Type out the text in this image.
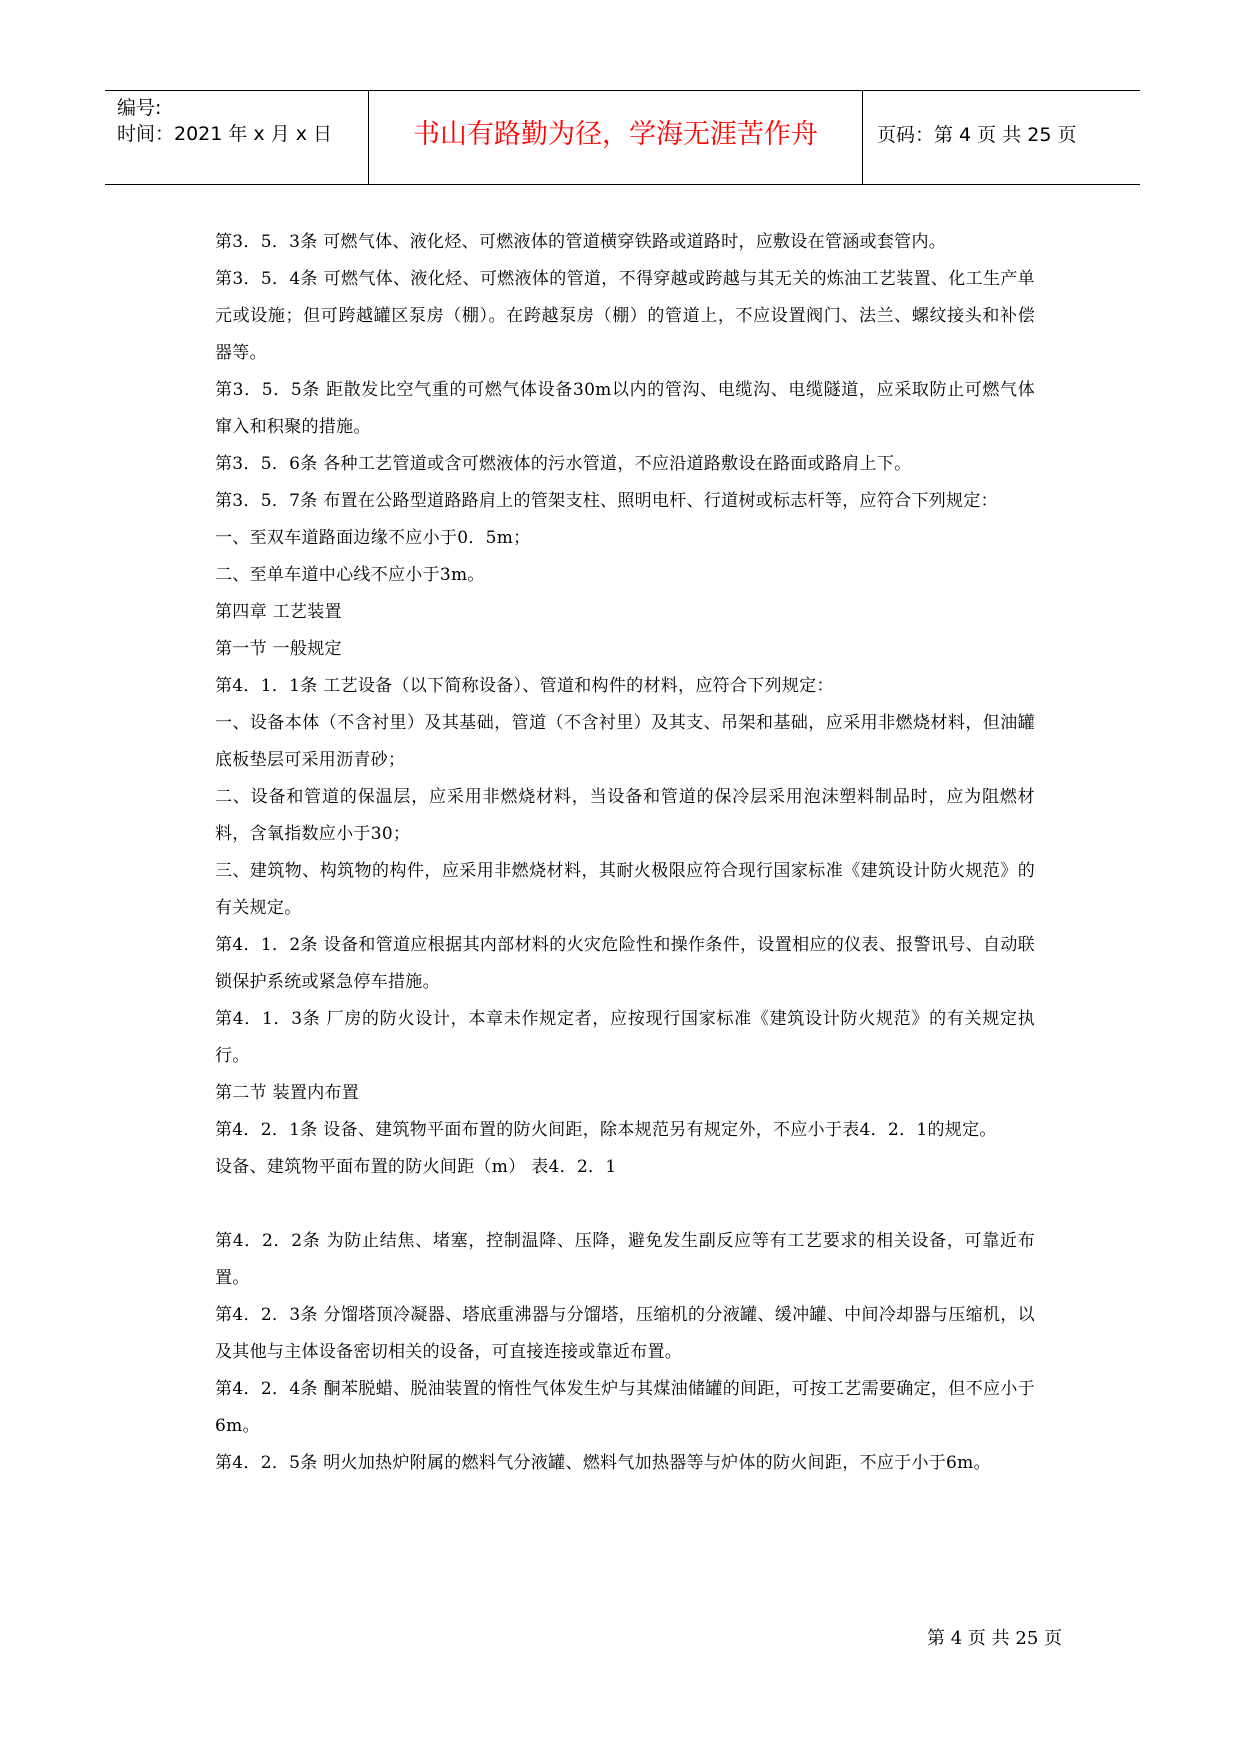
编号:
时间：2021 年 x 月 x 日	书山有路勤为径，学海无涯苦作舟	页码：第 4 页 共 25 页

第3．5．3条 可燃气体、液化烃、可燃液体的管道横穿铁路或道路时，应敷设在管涵或套管内。

第3．5．4条 可燃气体、液化烃、可燃液体的管道，不得穿越或跨越与其无关的炼油工艺装置、化工生产单元或设施；但可跨越罐区泵房（棚）。在跨越泵房（棚）的管道上，不应设置阀门、法兰、螺纹接头和补偿器等。

第3．5．5条 距散发比空气重的可燃气体设备30m以内的管沟、电缆沟、电缆隧道，应采取防止可燃气体窜入和积聚的措施。

第3．5．6条 各种工艺管道或含可燃液体的污水管道，不应沿道路敷设在路面或路肩上下。

第3．5．7条 布置在公路型道路路肩上的管架支柱、照明电杆、行道树或标志杆等，应符合下列规定：

一、至双车道路面边缘不应小于0．5m；

二、至单车道中心线不应小于3m。

第四章 工艺装置

第一节 一般规定

第4．1．1条 工艺设备（以下简称设备）、管道和构件的材料，应符合下列规定：

一、设备本体（不含衬里）及其基础，管道（不含衬里）及其支、吊架和基础，应采用非燃烧材料，但油罐底板垫层可采用沥青砂；

二、设备和管道的保温层，应采用非燃烧材料，当设备和管道的保冷层采用泡沫塑料制品时，应为阻燃材料，含氧指数应小于30；

三、建筑物、构筑物的构件，应采用非燃烧材料，其耐火极限应符合现行国家标准《建筑设计防火规范》的有关规定。

第4．1．2条 设备和管道应根据其内部材料的火灾危险性和操作条件，设置相应的仪表、报警讯号、自动联锁保护系统或紧急停车措施。

第4．1．3条 厂房的防火设计，本章未作规定者，应按现行国家标准《建筑设计防火规范》的有关规定执行。

第二节 装置内布置

第4．2．1条 设备、建筑物平面布置的防火间距，除本规范另有规定外，不应小于表4．2．1的规定。

设备、建筑物平面布置的防火间距（m） 表4．2．1

第4．2．2条 为防止结焦、堵塞，控制温降、压降，避免发生副反应等有工艺要求的相关设备，可靠近布置。

第4．2．3条 分馏塔顶冷凝器、塔底重沸器与分馏塔，压缩机的分液罐、缓冲罐、中间冷却器与压缩机，以及其他与主体设备密切相关的设备，可直接连接或靠近布置。

第4．2．4条 酮苯脱蜡、脱油装置的惰性气体发生炉与其煤油储罐的间距，可按工艺需要确定，但不应小于6m。

第4．2．5条 明火加热炉附属的燃料气分液罐、燃料气加热器等与炉体的防火间距，不应于小于6m。

第 4 页 共 25 页
